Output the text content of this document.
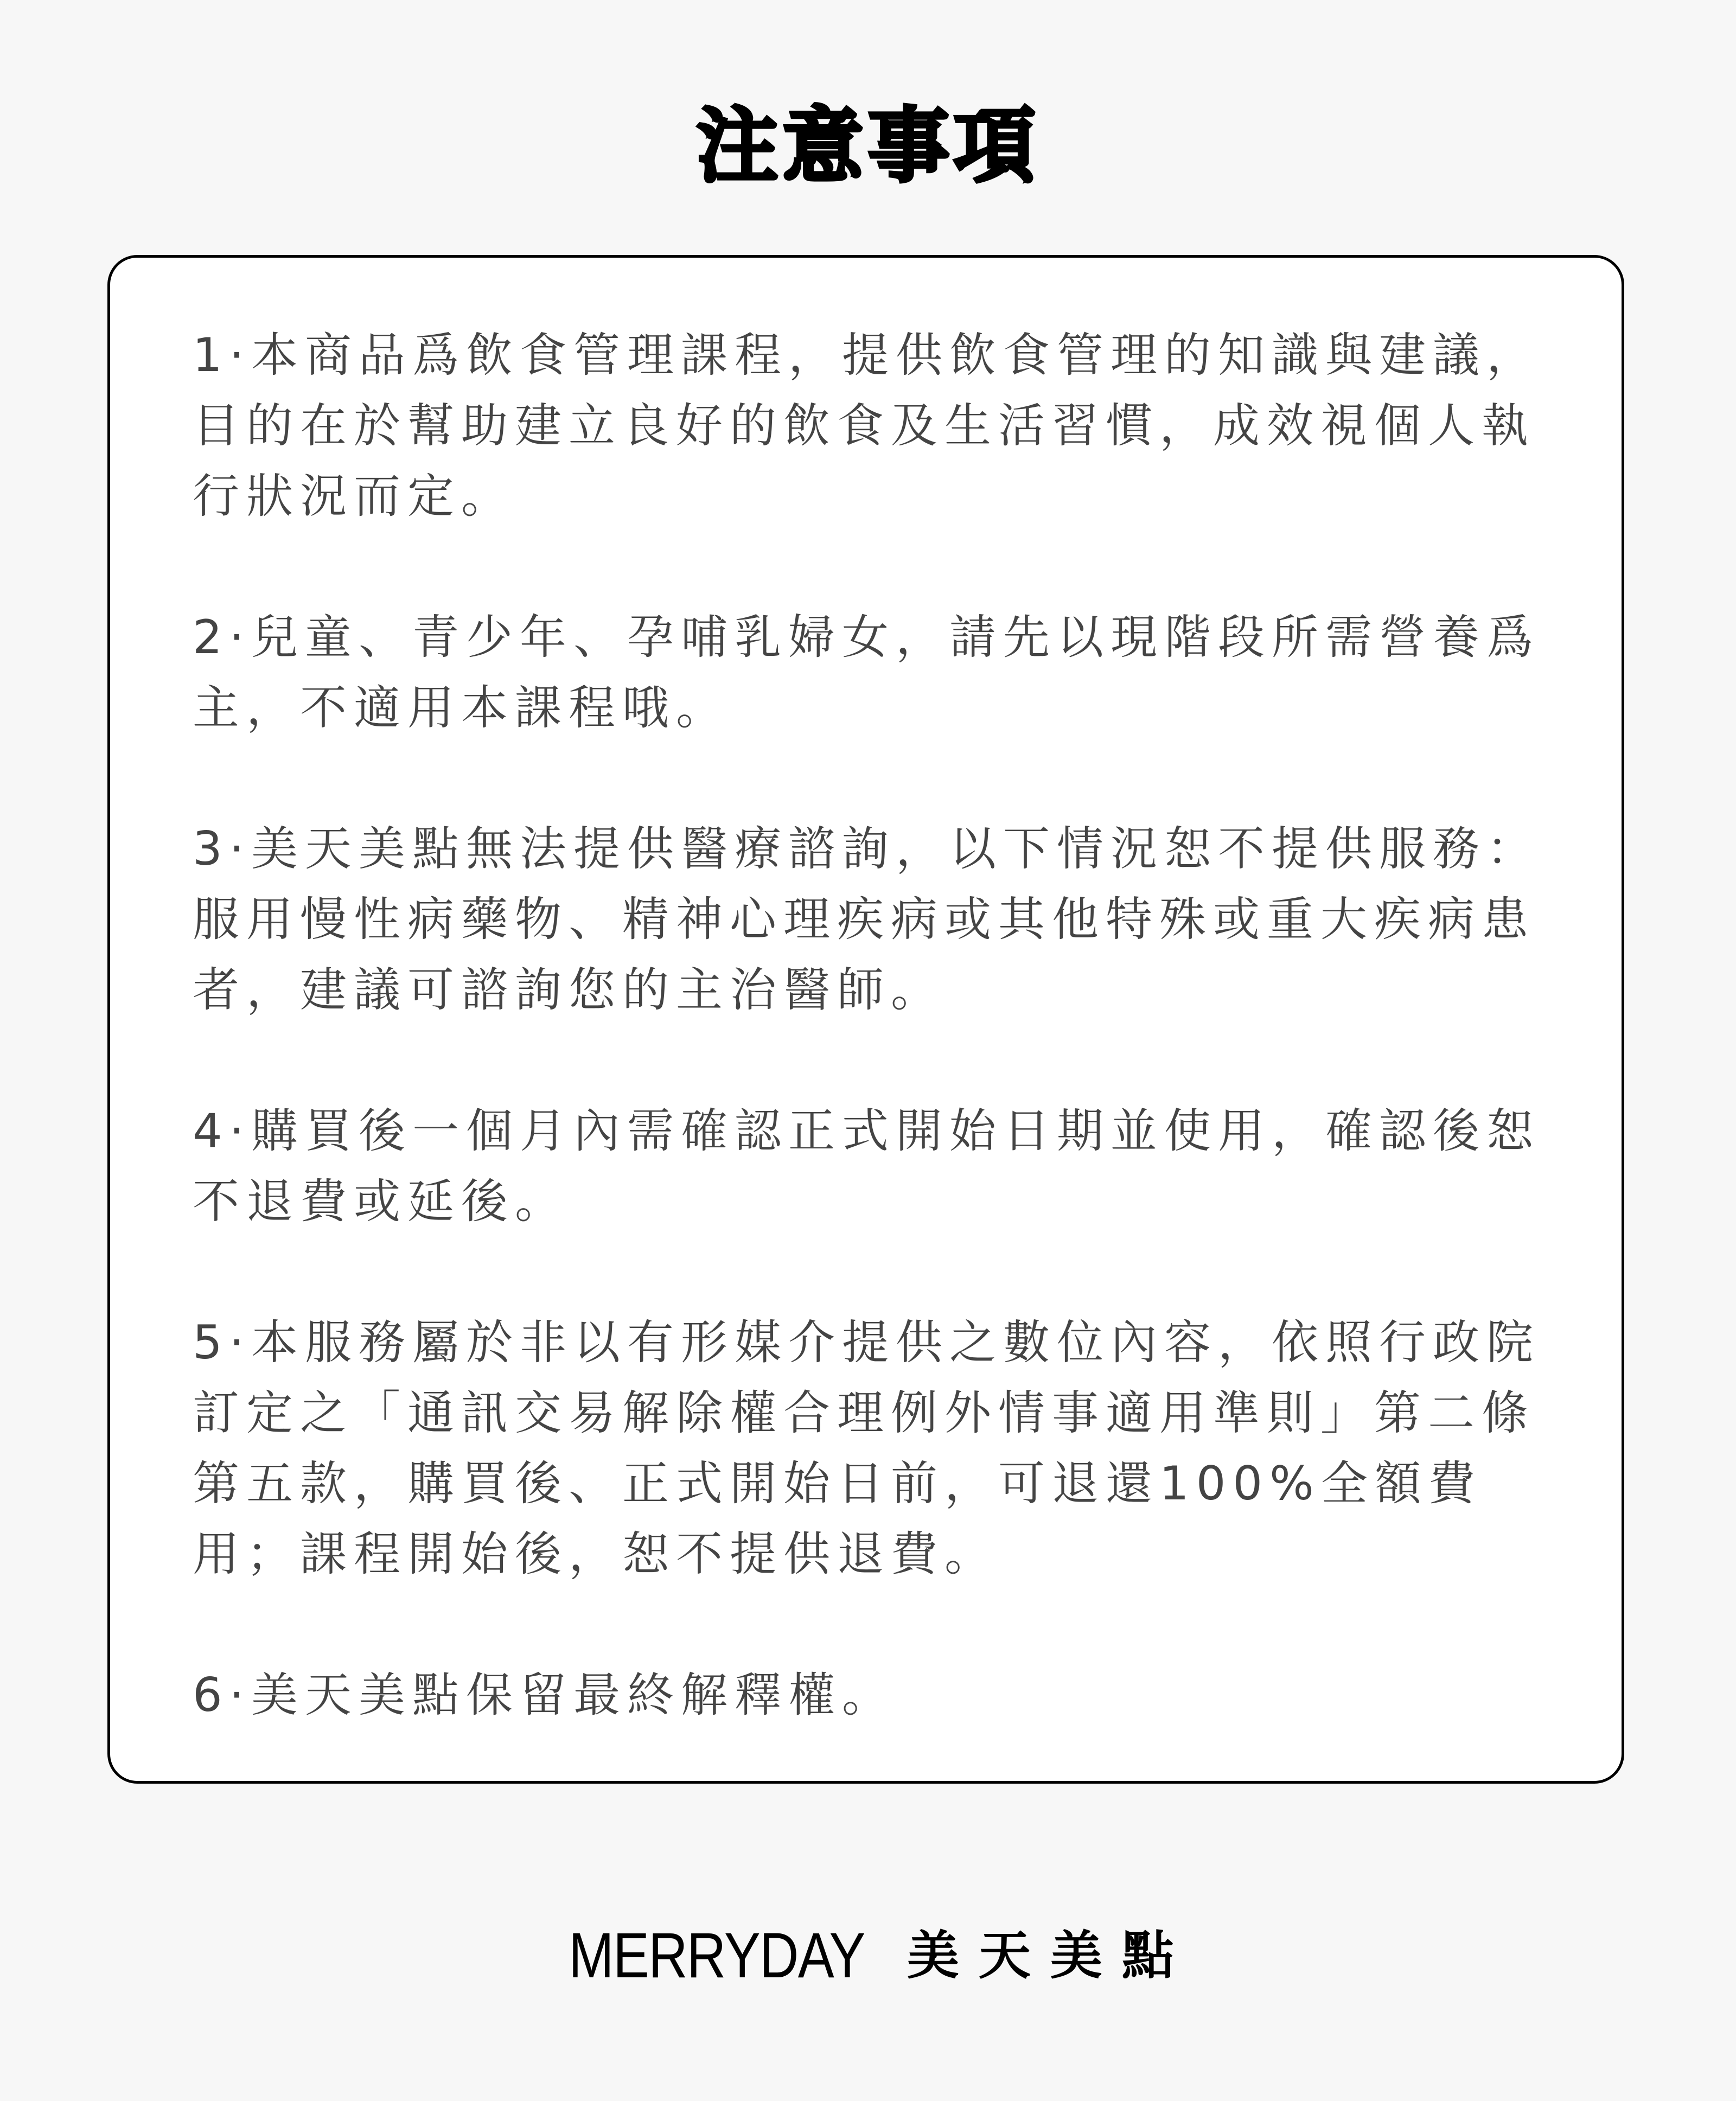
注意事項
1·本商品爲飲食管理課程，提供飲食管理的知識與建議，目的在於幫助建立良好的飲食及生活習慣，成效視個人執行狀況而定。
2·兒童、青少年、孕哺乳婦女，請先以現階段所需營養爲主，不適用本課程哦。
3·美天美點無法提供醫療諮詢，以下情況恕不提供服務：服用慢性病藥物、精神心理疾病或其他特殊或重大疾病患者，建議可諮詢您的主治醫師。
4·購買後一個月內需確認正式開始日期並使用，確認後恕不退費或延後。
5·本服務屬於非以有形媒介提供之數位內容，依照行政院訂定之「通訊交易解除權合理例外情事適用準則」第二條第五款，購買後、正式開始日前，可退還100%全額費用；課程開始後，恕不提供退費。
6·美天美點保留最終解釋權。
MERRYDAY 美天美點
